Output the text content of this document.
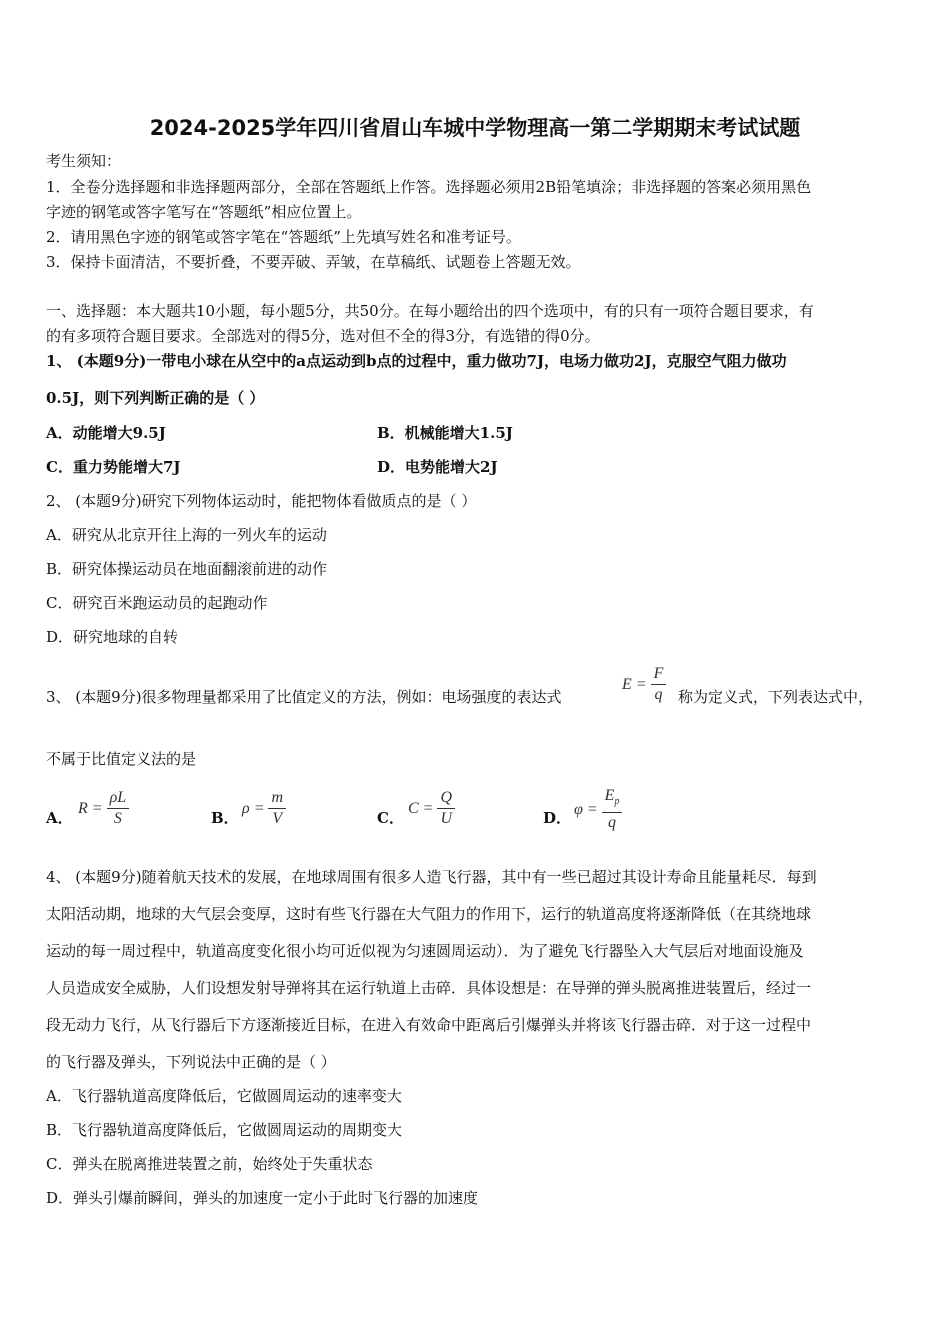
2024-2025学年四川省眉山车城中学物理高一第二学期期末考试试题
考生须知：
1．全卷分选择题和非选择题两部分，全部在答题纸上作答。选择题必须用2B铅笔填涂；非选择题的答案必须用黑色
字迹的钢笔或答字笔写在“答题纸”相应位置上。
2．请用黑色字迹的钢笔或答字笔在“答题纸”上先填写姓名和准考证号。
3．保持卡面清洁，不要折叠，不要弄破、弄皱，在草稿纸、试题卷上答题无效。
一、选择题：本大题共10小题，每小题5分，共50分。在每小题给出的四个选项中，有的只有一项符合题目要求，有
的有多项符合题目要求。全部选对的得5分，选对但不全的得3分，有选错的得0分。
1、 (本题9分)一带电小球在从空中的a点运动到b点的过程中，重力做功7J，电场力做功2J，克服空气阻力做功
0.5J，则下列判断正确的是（ ）
A．动能增大9.5J	B．机械能增大1.5J
C．重力势能增大7J	D．电势能增大2J
2、 (本题9分)研究下列物体运动时，能把物体看做质点的是（ ）
A．研究从北京开往上海的一列火车的运动
B．研究体操运动员在地面翻滚前进的动作
C．研究百米跑运动员的起跑动作
D．研究地球的自转
3、 (本题9分)很多物理量都采用了比值定义的方法，例如：电场强度的表达式
$E = \frac{F}{q}$ 称为定义式，下列表达式中，
不属于比值定义法的是
A．
$R = \frac{\rho L}{S}$	B．
$\rho = \frac{m}{V}$	C．
$C = \frac{Q}{U}$	D． $\varphi = \frac{E_p}{q}$
4、 (本题9分)随着航天技术的发展，在地球周围有很多人造飞行器，其中有一些已超过其设计寿命且能量耗尽．每到
太阳活动期，地球的大气层会变厚，这时有些飞行器在大气阻力的作用下，运行的轨道高度将逐渐降低（在其绕地球
运动的每一周过程中，轨道高度变化很小均可近似视为匀速圆周运动）．为了避免飞行器坠入大气层后对地面设施及
人员造成安全威胁，人们设想发射导弹将其在运行轨道上击碎．具体设想是：在导弹的弹头脱离推进装置后，经过一
段无动力飞行，从飞行器后下方逐渐接近目标，在进入有效命中距离后引爆弹头并将该飞行器击碎．对于这一过程中
的飞行器及弹头，下列说法中正确的是（ ）
A．飞行器轨道高度降低后，它做圆周运动的速率变大
B．飞行器轨道高度降低后，它做圆周运动的周期变大
C．弹头在脱离推进装置之前，始终处于失重状态
D．弹头引爆前瞬间，弹头的加速度一定小于此时飞行器的加速度
